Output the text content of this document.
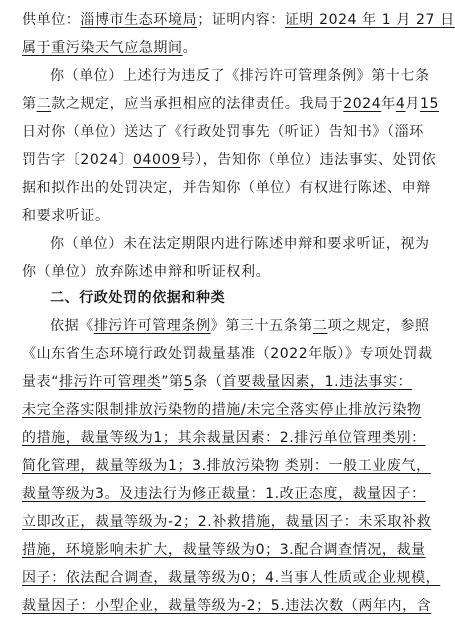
供单位：淄博市生态环境局；证明内容：证明 2024 年 1 月 27 日
属于重污染天气应急期间。
你（单位）上述行为违反了《排污许可管理条例》第十七条
第二款之规定，应当承担相应的法律责任。我局于2024年4月15
日对你（单位）送达了《行政处罚事先（听证）告知书》（淄环
罚告字〔2024〕04009号），告知你（单位）违法事实、处罚依
据和拟作出的处罚决定，并告知你（单位）有权进行陈述、申辩
和要求听证。
你（单位）未在法定期限内进行陈述申辩和要求听证，视为
你（单位）放弃陈述申辩和听证权利。
二、行政处罚的依据和种类
依据《排污许可管理条例》第三十五条第二项之规定，参照
《山东省生态环境行政处罚裁量基准（2022年版）》专项处罚裁
量表“排污许可管理类”第5条（首要裁量因素，1.违法事实：
未完全落实限制排放污染物的措施/未完全落实停止排放污染物
的措施，裁量等级为1；其余裁量因素：2.排污单位管理类别：
简化管理，裁量等级为1；3.排放污染物 类别：一般工业废气，
裁量等级为3。及违法行为修正裁量：1.改正态度，裁量因子：
立即改正，裁量等级为-2；2.补救措施，裁量因子：未采取补救
措施，环境影响未扩大，裁量等级为0；3.配合调查情况，裁量
因子：依法配合调查，裁量等级为0；4.当事人性质或企业规模，
裁量因子：小型企业，裁量等级为-2；5.违法次数（两年内，含
